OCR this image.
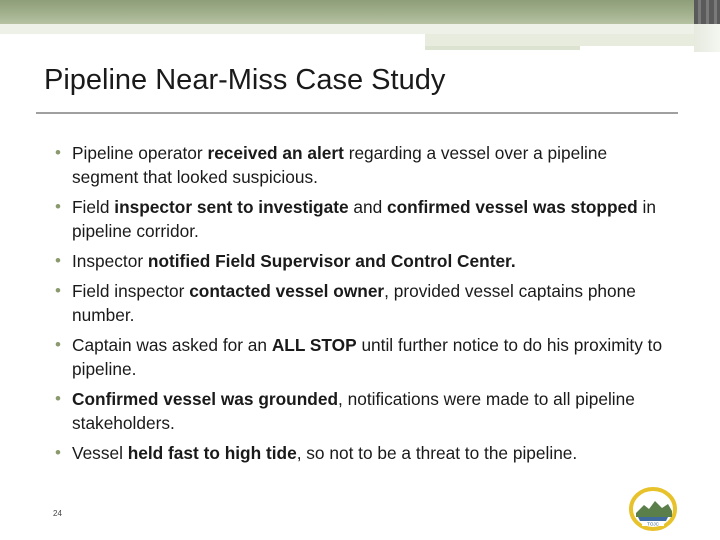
Pipeline Near-Miss Case Study
• Pipeline operator received an alert regarding a vessel over a pipeline segment that looked suspicious.
• Field inspector sent to investigate and confirmed vessel was stopped in pipeline corridor.
• Inspector notified Field Supervisor and Control Center.
• Field inspector contacted vessel owner, provided vessel captains phone number.
• Captain was asked for an ALL STOP until further notice to do his proximity to pipeline.
• Confirmed vessel was grounded, notifications were made to all pipeline stakeholders.
• Vessel held fast to high tide, so not to be a threat to the pipeline.
24
TOJC
